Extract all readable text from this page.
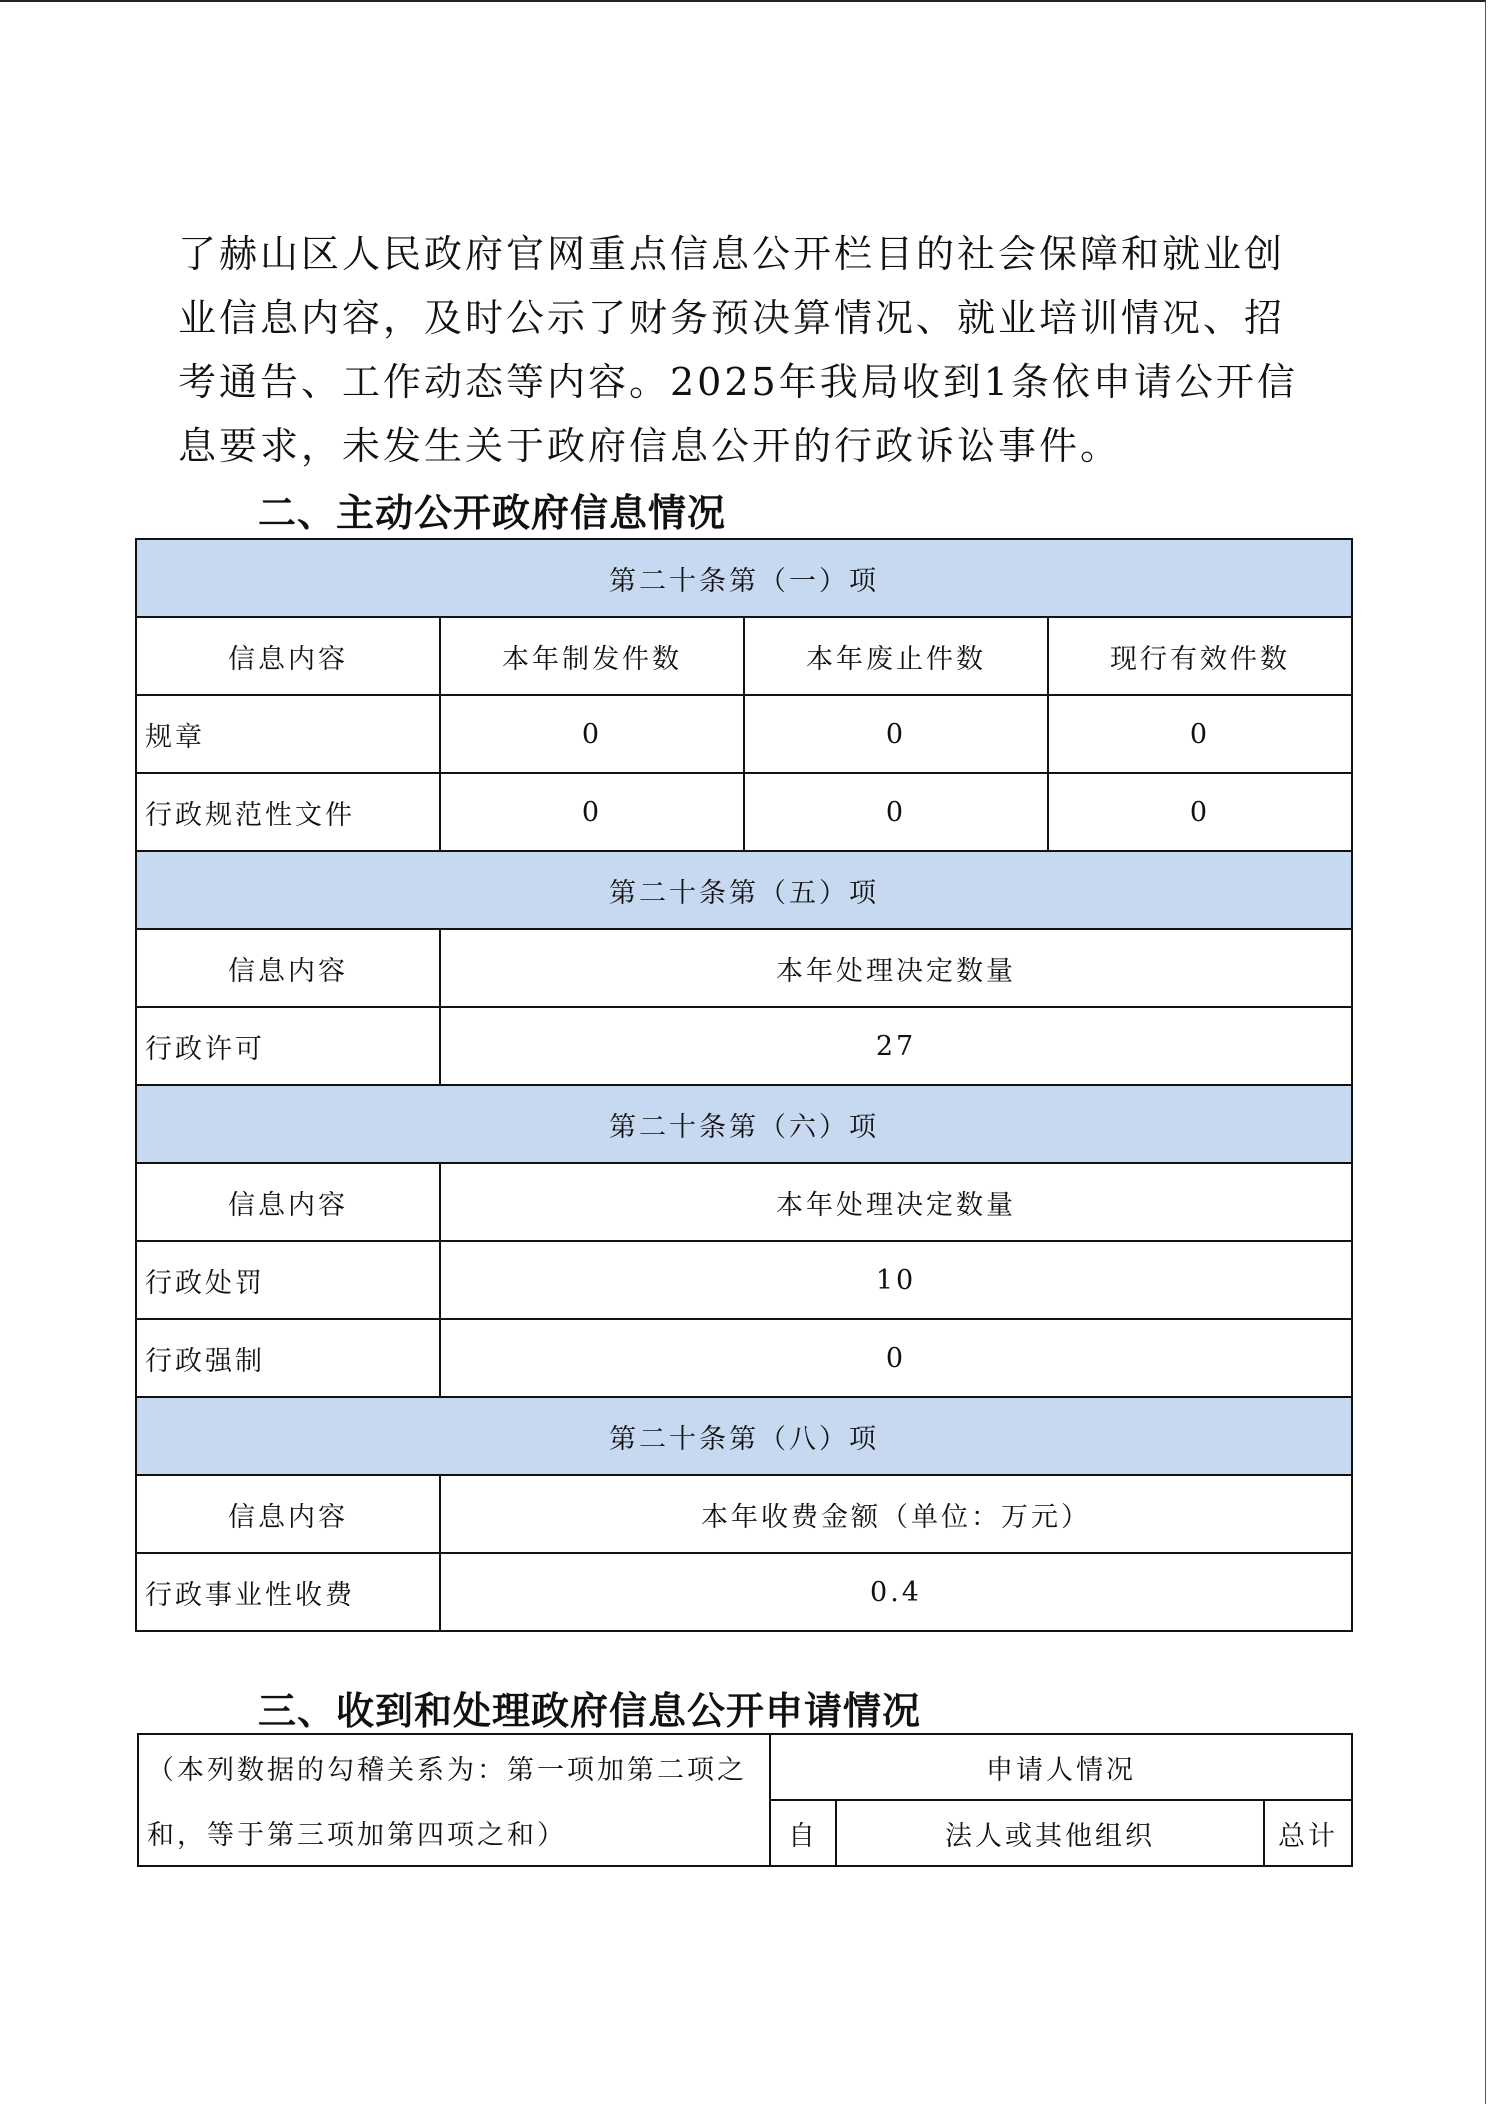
了赫山区人民政府官网重点信息公开栏目的社会保障和就业创业信息内容，及时公示了财务预决算情况、就业培训情况、招考通告、工作动态等内容。2025年我局收到1条依申请公开信息要求，未发生关于政府信息公开的行政诉讼事件。

二、主动公开政府信息情况
第二十条第（一）项			
信息内容	本年制发件数	本年废止件数	现行有效件数
规章	0	0	0
行政规范性文件	0	0	0
第二十条第（五）项			
信息内容	本年处理决定数量		
行政许可	27		
第二十条第（六）项			
信息内容	本年处理决定数量		
行政处罚	10		
行政强制	0		
第二十条第（八）项			
信息内容	本年收费金额（单位：万元）		
行政事业性收费	0.4		
三、收到和处理政府信息公开申请情况
（本列数据的勾稽关系为：第一项加第二项之	申请人情况		
和，等于第三项加第四项之和）	自	法人或其他组织	总计
